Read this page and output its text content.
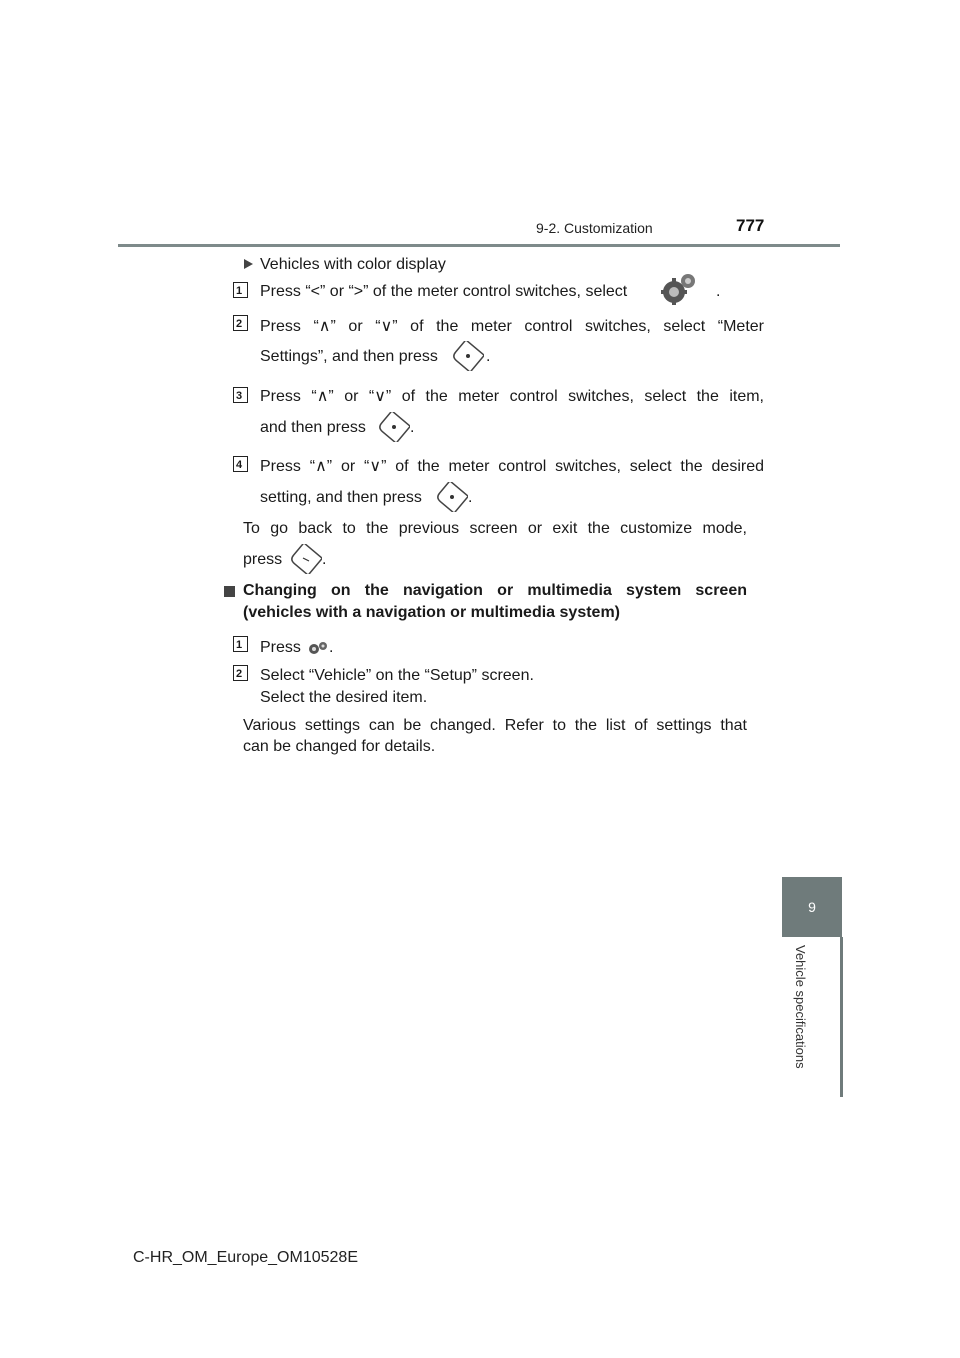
9-2. Customization	777
9
Vehicle specifications
Vehicles with color display
1	Press “<” or “>” of the meter control switches, select	.
2	Press “∧” or “∨” of the meter control switches, select “Meter
Settings”, and then press	.
3	Press “∧” or “∨” of the meter control switches, select the item,
and then press	.
4	Press “∧” or “∨” of the meter control switches, select the desired
setting, and then press	.
To go back to the previous screen or exit the customize mode,
press .
Changing on the navigation or multimedia system screen
(vehicles with a navigation or multimedia system)
1	Press .
2	Select “Vehicle” on the “Setup” screen.
Select the desired item.
Various settings can be changed. Refer to the list of settings that
can be changed for details.
C-HR_OM_Europe_OM10528E
